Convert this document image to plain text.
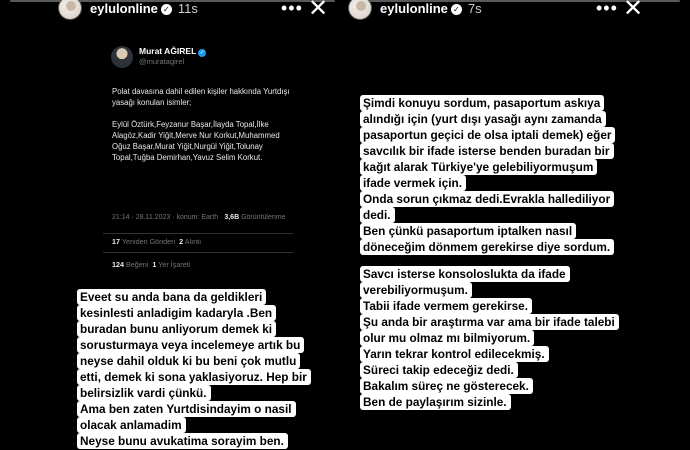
eylulonline ✓ 11s	••• ✕
Murat AĞIREL ✓
@muratagirel

Polat davasına dahil edilen kişiler hakkında Yurtdışı yasağı konulan isimler;

Eylül Öztürk,Feyzanur Başar,İlayda Topal,İlke Alagöz,Kadir Yiğit,Merve Nur Korkut,Muhammed Oğuz Başar,Murat Yiğit,Nurgül Yiğit,Tolunay Topal,Tuğba Demirhan,Yavuz Selim Korkut.

21:14 · 28.11.2023 · konum: Earth · 3,6B Görüntülenme
17 Yeniden Gönderi 2 Alıntı
124 Beğeni 1 Yer İşareti
Eveet su anda bana da geldikleri
kesinlesti anladigim kadaryla .Ben
buradan bunu anliyorum demek ki
sorusturmaya veya incelemeye artık bu
neyse dahil olduk ki bu beni çok mutlu
etti, demek ki sona yaklasiyoruz. Hep bir
belirsizlik vardi çünkü.
Ama ben zaten Yurtdisindayim o nasil
olacak anlamadim
Neyse bunu avukatima sorayim ben.
eylulonline ✓ 7s	••• ✕
Şimdi konuyu sordum, pasaportum askıya
alındığı için (yurt dışı yasağı aynı zamanda
pasaportun geçici de olsa iptali demek) eğer
savcılık bir ifade isterse benden buradan bir
kağıt alarak Türkiye'ye gelebiliyormuşum
ifade vermek için.
Onda sorun çıkmaz dedi.Evrakla hallediliyor
dedi.
Ben çünkü pasaportum iptalken nasıl
döneceğim dönmem gerekirse diye sordum.
Savcı isterse konsoloslukta da ifade
verebiliyormuşum.
Tabii ifade vermem gerekirse.
Şu anda bir araştırma var ama bir ifade talebi
olur mu olmaz mı bilmiyorum.
Yarın tekrar kontrol edilecekmiş.
Süreci takip edeceğiz dedi.
Bakalım süreç ne gösterecek.
Ben de paylaşırım sizinle.
